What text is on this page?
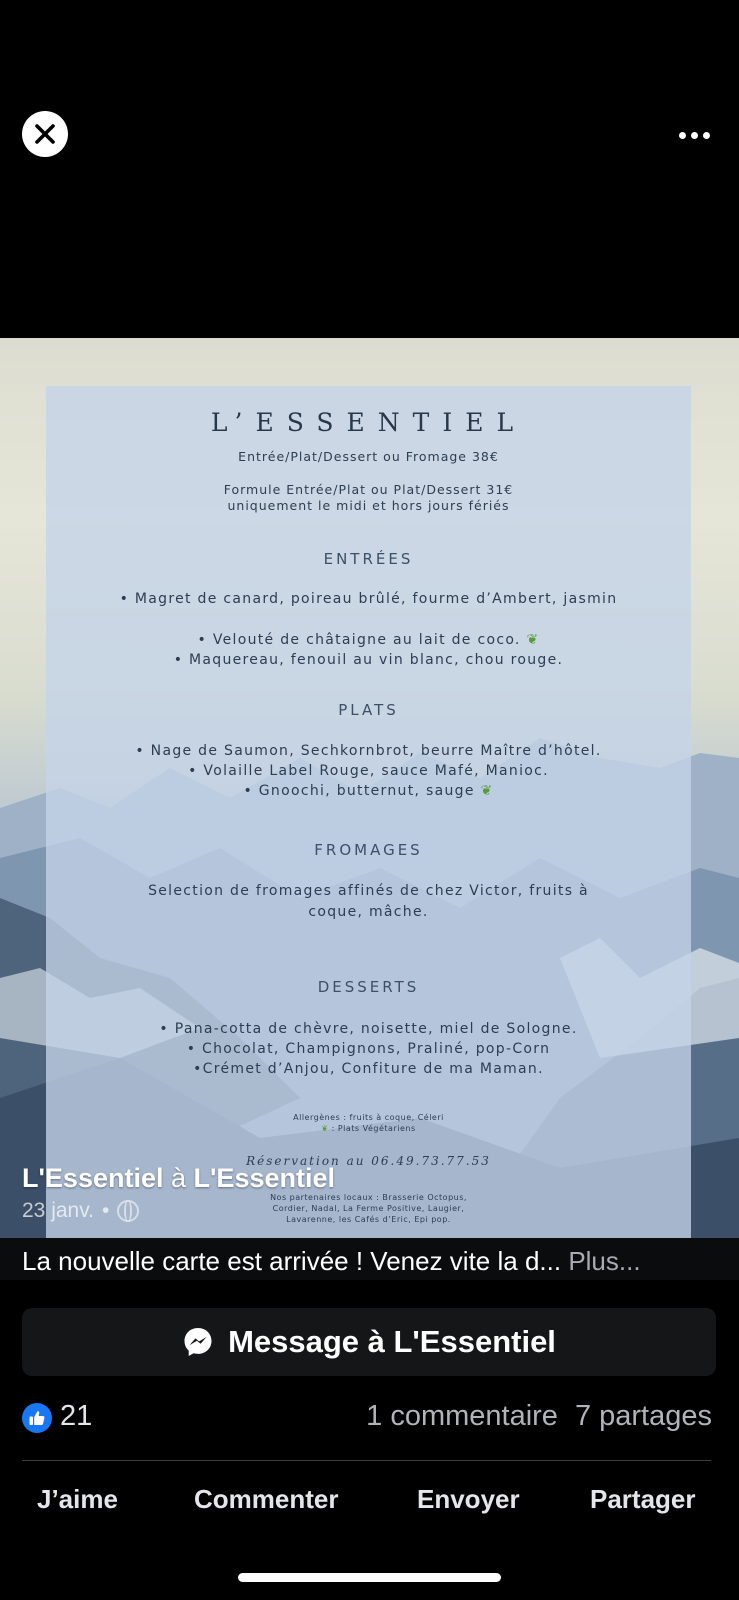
L’ESSENTIEL
Entrée/Plat/Dessert ou Fromage 38€
Formule Entrée/Plat ou Plat/Dessert 31€
uniquement le midi et hors jours fériés
ENTRÉES
• Magret de canard, poireau brûlé, fourme d’Ambert, jasmin
• Velouté de châtaigne au lait de coco. ❦
• Maquereau, fenouil au vin blanc, chou rouge.
PLATS
• Nage de Saumon, Sechkornbrot, beurre Maître d’hôtel.
• Volaille Label Rouge, sauce Mafé, Manioc.
• Gnoochi, butternut, sauge ❦
FROMAGES
Selection de fromages affinés de chez Victor, fruits à coque, mâche.
DESSERTS
• Pana-cotta de chèvre, noisette, miel de Sologne.
• Chocolat, Champignons, Praliné, pop-Corn
•Crémet d’Anjou, Confiture de ma Maman.
Allergènes : fruits à coque, Céleri
❦ : Plats Végétariens
Réservation au 06.49.73.77.53
Nos partenaires locaux : Brasserie Octopus,
Cordier, Nadal, La Ferme Positive, Laugier,
Lavarenne, les Cafés d’Eric, Epi pop.
L'Essentiel à L'Essentiel
23 janv. •
La nouvelle carte est arrivée ! Venez vite la d... Plus...
Message à L'Essentiel
21	1 commentaire 7 partages
J’aime	Commenter	Envoyer	Partager
